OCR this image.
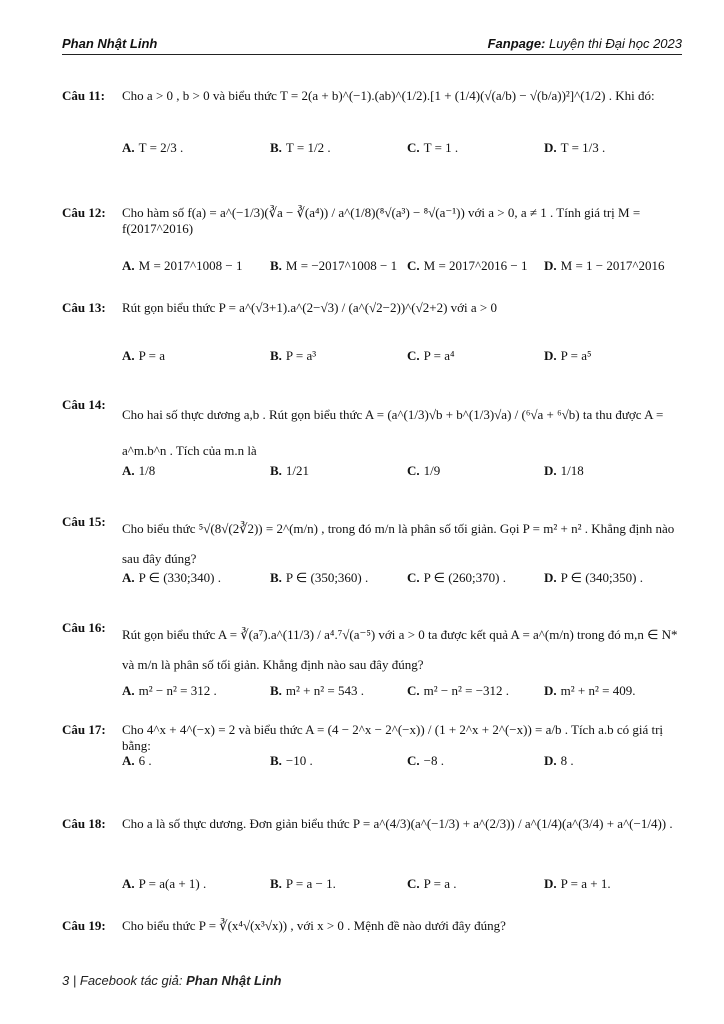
Phan Nhật Linh	Fanpage: Luyện thi Đại học 2023
Câu 11: Cho a > 0 , b > 0 và biểu thức T = 2(a + b)^(−1).(ab)^(1/2).[1 + (1/4)(√(a/b) − √(b/a))²]^(1/2) . Khi đó:
A. T = 2/3 .	B. T = 1/2 .	C. T = 1 .	D. T = 1/3 .
Câu 12: Cho hàm số f(a) = a^(−1/3)(∛a − ∛(a⁴)) / a^(1/8)(⁸√(a³) − ⁸√(a⁻¹)) với a > 0, a ≠ 1 . Tính giá trị M = f(2017^2016)
A. M = 2017^1008 − 1 B. M = −2017^1008 − 1 C. M = 2017^2016 − 1 D. M = 1 − 2017^2016
Câu 13: Rút gọn biểu thức P = a^(√3+1).a^(2−√3) / (a^(√2−2))^(√2+2) với a > 0
A. P = a	B. P = a³	C. P = a⁴	D. P = a⁵
Câu 14:
Cho hai số thực dương a,b . Rút gọn biểu thức A = (a^(1/3)√b + b^(1/3)√a) / (⁶√a + ⁶√b) ta thu được A = a^m.b^n . Tích của m.n là
A. 1/8	B. 1/21	C. 1/9	D. 1/18
Câu 15: Cho biểu thức ⁵√(8√(2∛2)) = 2^(m/n) , trong đó m/n là phân số tối giản. Gọi P = m² + n² . Khẳng định nào sau đây đúng?
A. P ∈ (330;340) .	B. P ∈ (350;360) .	C. P ∈ (260;370) .	D. P ∈ (340;350) .
Câu 16: Rút gọn biểu thức A = ∛(a⁷).a^(11/3) / a⁴.⁷√(a⁻⁵) với a > 0 ta được kết quả A = a^(m/n) trong đó m,n ∈ N* và m/n là phân số tối giản. Khẳng định nào sau đây đúng?
A. m² − n² = 312 .	B. m² + n² = 543 .	C. m² − n² = −312 .	D. m² + n² = 409.
Câu 17: Cho 4^x + 4^(−x) = 2 và biểu thức A = (4 − 2^x − 2^(−x)) / (1 + 2^x + 2^(−x)) = a/b . Tích a.b có giá trị bằng:
A. 6 .	B. −10 .	C. −8 .	D. 8 .
Câu 18: Cho a là số thực dương. Đơn giản biểu thức P = a^(4/3)(a^(−1/3) + a^(2/3)) / a^(1/4)(a^(3/4) + a^(−1/4)) .
A. P = a(a + 1) .	B. P = a − 1.	C. P = a .	D. P = a + 1.
Câu 19: Cho biểu thức P = ∛(x⁴√(x³√x)) , với x > 0 . Mệnh đề nào dưới đây đúng?
3 | Facebook tác giả: Phan Nhật Linh
